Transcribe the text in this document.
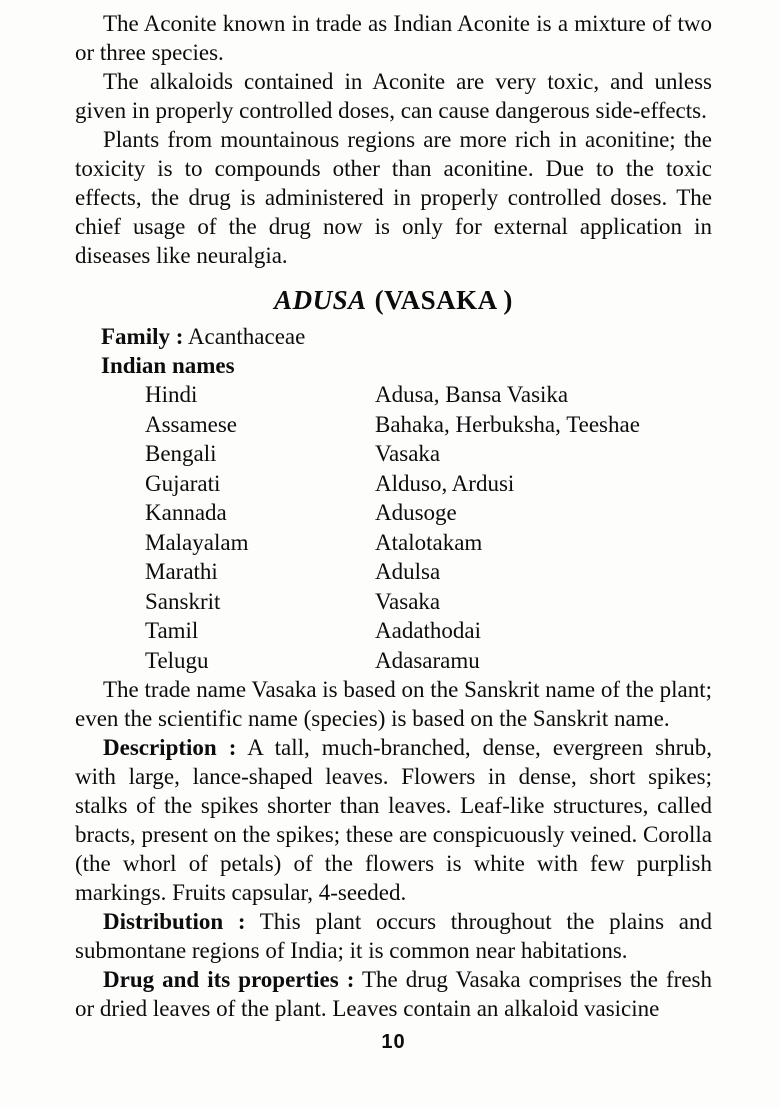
The Aconite known in trade as Indian Aconite is a mixture of two or three species.

The alkaloids contained in Aconite are very toxic, and unless given in properly controlled doses, can cause dangerous side-effects.

Plants from mountainous regions are more rich in aconitine; the toxicity is to compounds other than aconitine. Due to the toxic effects, the drug is administered in properly controlled doses. The chief usage of the drug now is only for external application in diseases like neuralgia.

ADUSA (VASAKA )

Family : Acanthaceae

Indian names

Hindi	Adusa, Bansa Vasika
Assamese	Bahaka, Herbuksha, Teeshae
Bengali	Vasaka
Gujarati	Alduso, Ardusi
Kannada	Adusoge
Malayalam	Atalotakam
Marathi	Adulsa
Sanskrit	Vasaka
Tamil	Aadathodai
Telugu	Adasaramu

The trade name Vasaka is based on the Sanskrit name of the plant; even the scientific name (species) is based on the Sanskrit name.

Description : A tall, much-branched, dense, evergreen shrub, with large, lance-shaped leaves. Flowers in dense, short spikes; stalks of the spikes shorter than leaves. Leaf-like structures, called bracts, present on the spikes; these are conspicuously veined. Corolla (the whorl of petals) of the flowers is white with few purplish markings. Fruits capsular, 4-seeded.

Distribution : This plant occurs throughout the plains and submontane regions of India; it is common near habitations.

Drug and its properties : The drug Vasaka comprises the fresh or dried leaves of the plant. Leaves contain an alkaloid vasicine

10
